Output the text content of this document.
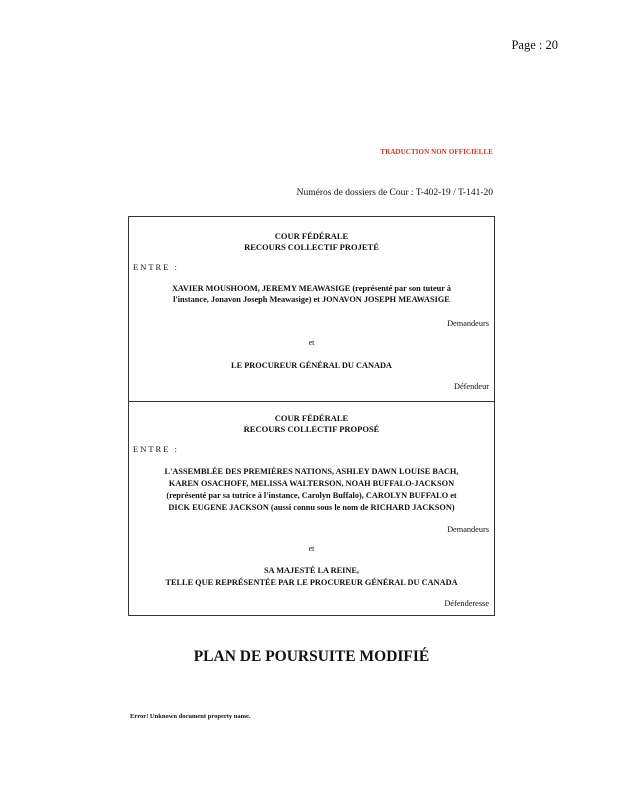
Page : 20
TRADUCTION NON OFFICIELLE
Numéros de dossiers de Cour : T-402-19 / T-141-20
COUR FÉDÉRALE
RECOURS COLLECTIF PROJETÉ
ENTRE :
XAVIER MOUSHOOM, JEREMY MEAWASIGE (représenté par son tuteur à
l'instance, Jonavon Joseph Meawasige) et JONAVON JOSEPH MEAWASIGE
Demandeurs
et
LE PROCUREUR GÉNÉRAL DU CANADA
Défendeur
COUR FÉDÉRALE
RECOURS COLLECTIF PROPOSÉ
ENTRE :
L'ASSEMBLÉE DES PREMIÈRES NATIONS, ASHLEY DAWN LOUISE BACH,
KAREN OSACHOFF, MELISSA WALTERSON, NOAH BUFFALO-JACKSON
(représenté par sa tutrice à l'instance, Carolyn Buffalo), CAROLYN BUFFALO et
DICK EUGENE JACKSON (aussi connu sous le nom de RICHARD JACKSON)
Demandeurs
et
SA MAJESTÉ LA REINE,
TELLE QUE REPRÉSENTÉE PAR LE PROCUREUR GÉNÉRAL DU CANADA
Défenderesse
PLAN DE POURSUITE MODIFIÉ
Error! Unknown document property name.
